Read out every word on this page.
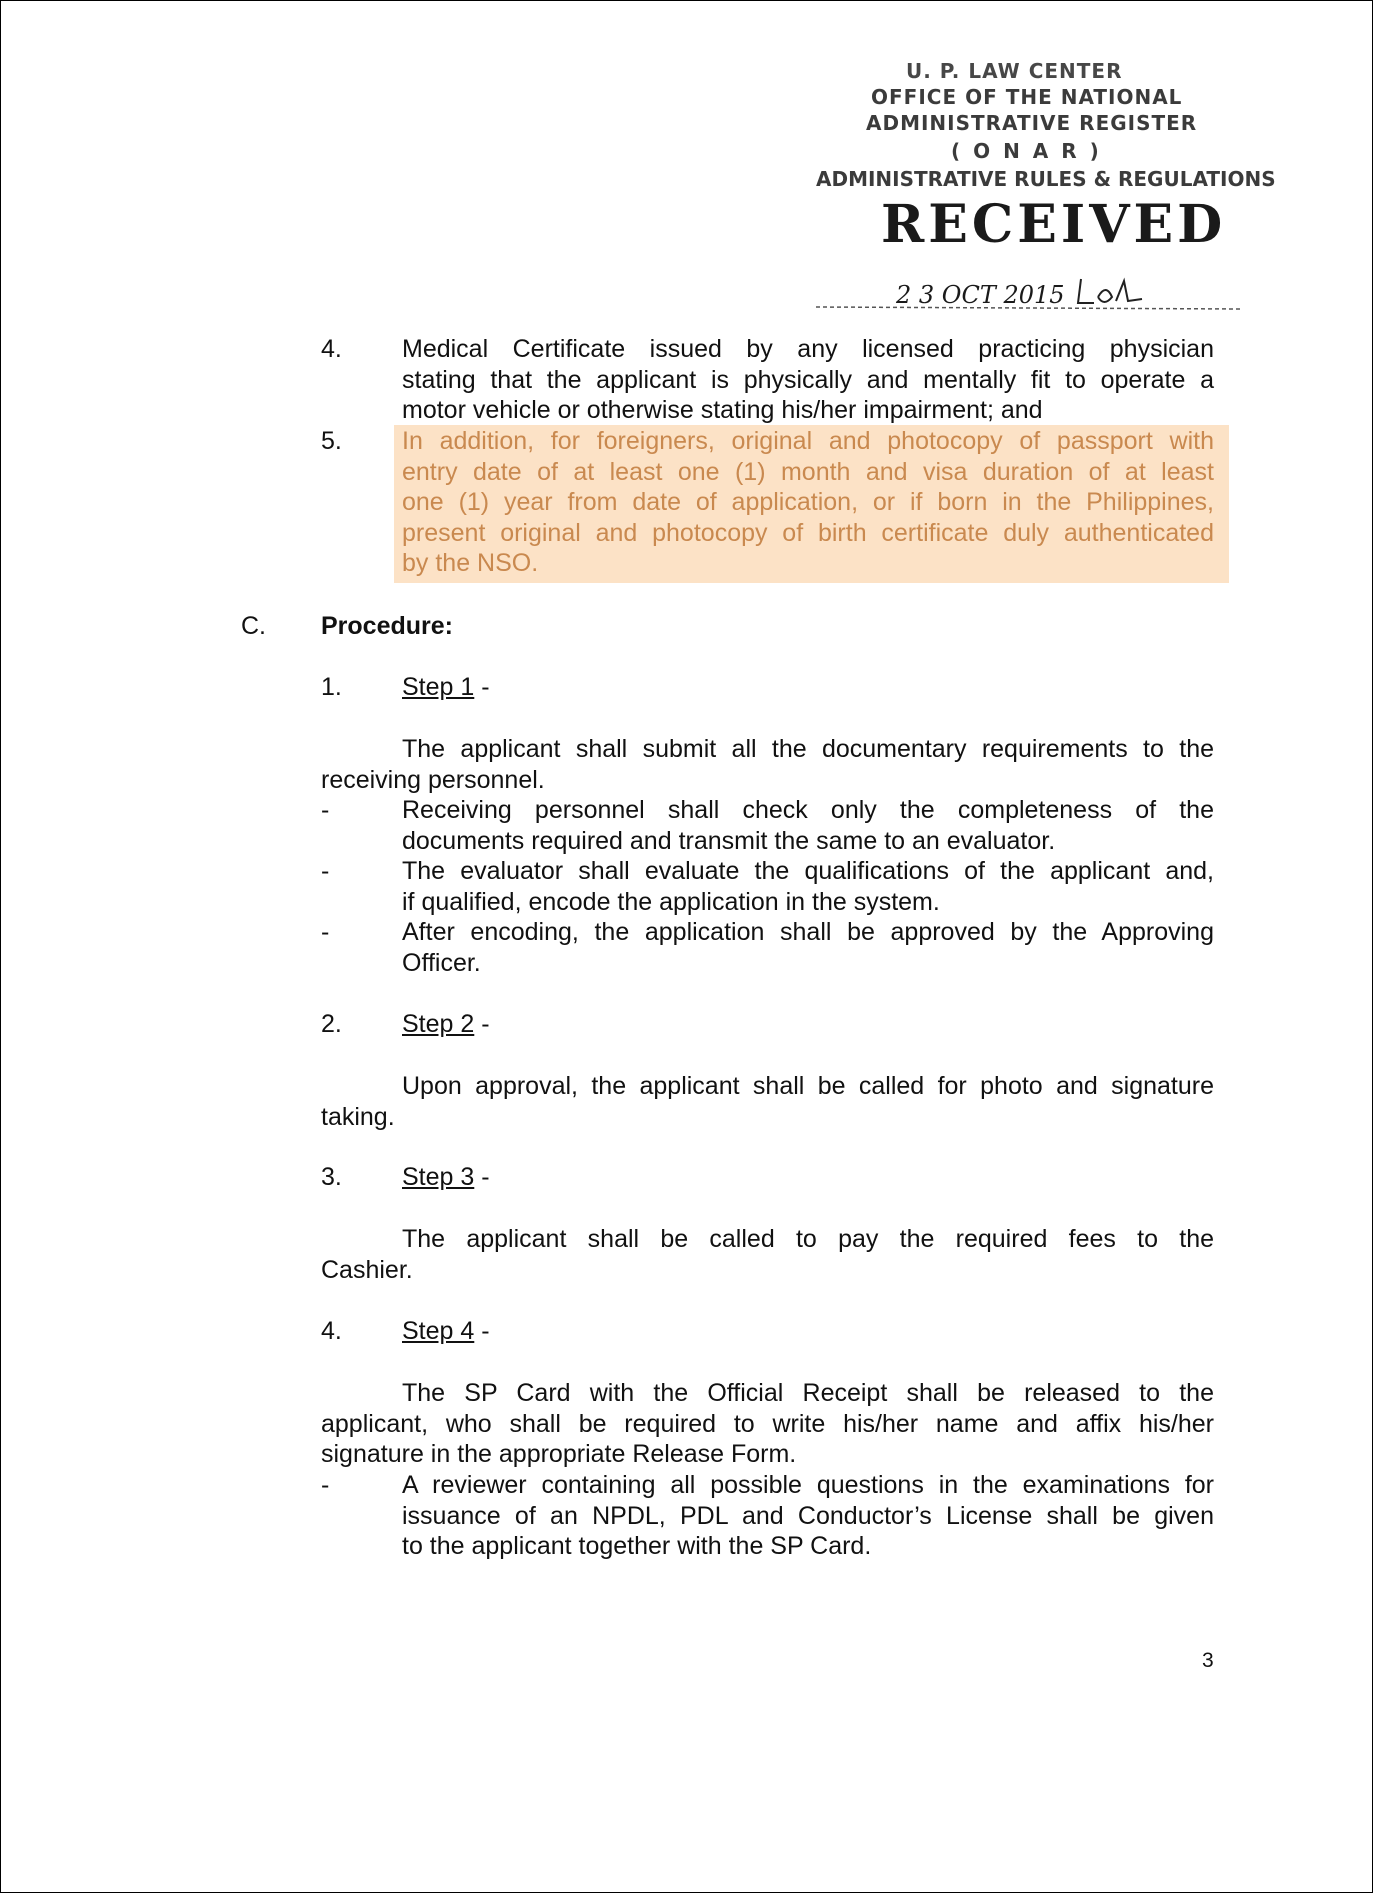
U. P. LAW CENTER
OFFICE OF THE NATIONAL
ADMINISTRATIVE REGISTER
( O N A R )
ADMINISTRATIVE RULES & REGULATIONS
RECEIVED
2 3 OCT 2015
4. Medical Certificate issued by any licensed practicing physician
stating that the applicant is physically and mentally fit to operate a
motor vehicle or otherwise stating his/her impairment; and
5. In addition, for foreigners, original and photocopy of passport with
entry date of at least one (1) month and visa duration of at least
one (1) year from date of application, or if born in the Philippines,
present original and photocopy of birth certificate duly authenticated
by the NSO.
C. Procedure:
1. Step 1 -
The applicant shall submit all the documentary requirements to the
receiving personnel.
-	Receiving personnel shall check only the completeness of the
documents required and transmit the same to an evaluator.
-	The evaluator shall evaluate the qualifications of the applicant and,
if qualified, encode the application in the system.
-	After encoding, the application shall be approved by the Approving
Officer.
2. Step 2 -
Upon approval, the applicant shall be called for photo and signature
taking.
3. Step 3 -
The applicant shall be called to pay the required fees to the
Cashier.
4. Step 4 -
The SP Card with the Official Receipt shall be released to the
applicant, who shall be required to write his/her name and affix his/her
signature in the appropriate Release Form.
-	A reviewer containing all possible questions in the examinations for
issuance of an NPDL, PDL and Conductor’s License shall be given
to the applicant together with the SP Card.
3
